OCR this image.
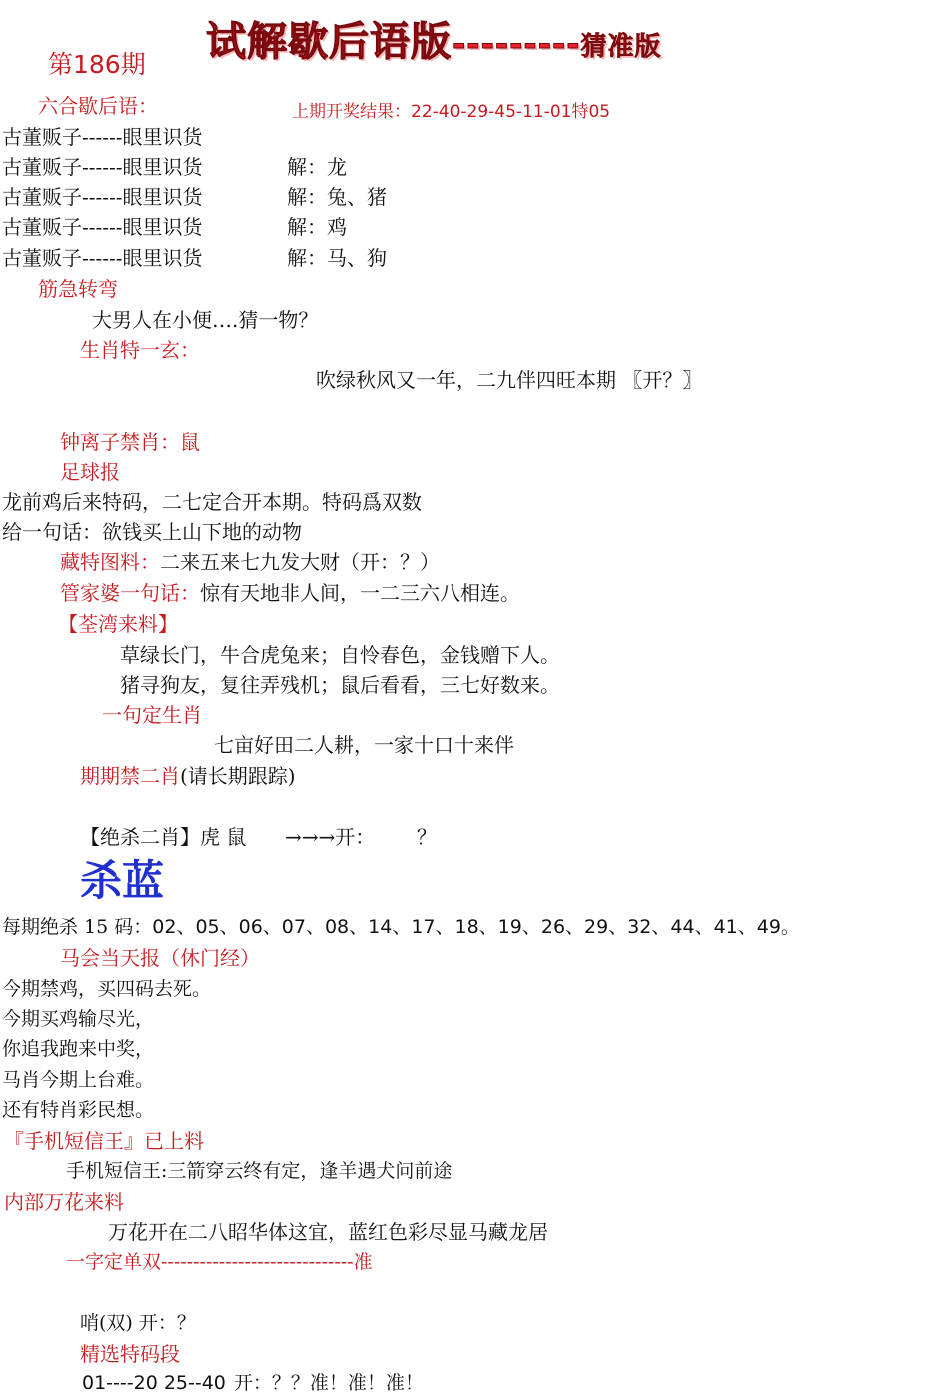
试解歇后语版---------猜准版
第186期
六合歇后语：	上期开奖结果：22-40-29-45-11-01特05
古董贩子------眼里识货
古董贩子------眼里识货	解：龙
古董贩子------眼里识货	解：兔、猪
古董贩子------眼里识货	解：鸡
古董贩子------眼里识货	解：马、狗
筋急转弯
大男人在小便….猜一物？
生肖特一玄：
吹绿秋风又一年，二九伴四旺本期 〖开？〗
钟离子禁肖：鼠
足球报
龙前鸡后来特码，二七定合开本期。特码爲双数
给一句话：欲钱买上山下地的动物
藏特图料： 二来五来七九发大财（开：？）
管家婆一句话： 惊有天地非人间，一二三六八相连。
【荃湾来料】
草绿长门，牛合虎兔来；自怜春色，金钱赠下人。
猪寻狗友，复往弄残机；鼠后看看，三七好数来。
一句定生肖
七亩好田二人耕，一家十口十来伴
期期禁二肖 (请长期跟踪)
【绝杀二肖】虎 鼠 →→→开： ？
杀蓝
每期绝杀 15 码： 02、05、06、07、08、14、17、18、19、26、29、32、44、41、49。
马会当天报（休门经）
今期禁鸡，买四码去死。
今期买鸡输尽光，
你追我跑来中奖，
马肖今期上台难。
还有特肖彩民想。
『手机短信王』已上料
手机短信王:三箭穿云终有定，逢羊遇犬问前途
内部万花来料
万花开在二八昭华体这宜，蓝红色彩尽显马藏龙居
一字定单双------------------------------准
哨(双) 开：？
精选特码段
01----20 25--40 开：？？准！准！准！
